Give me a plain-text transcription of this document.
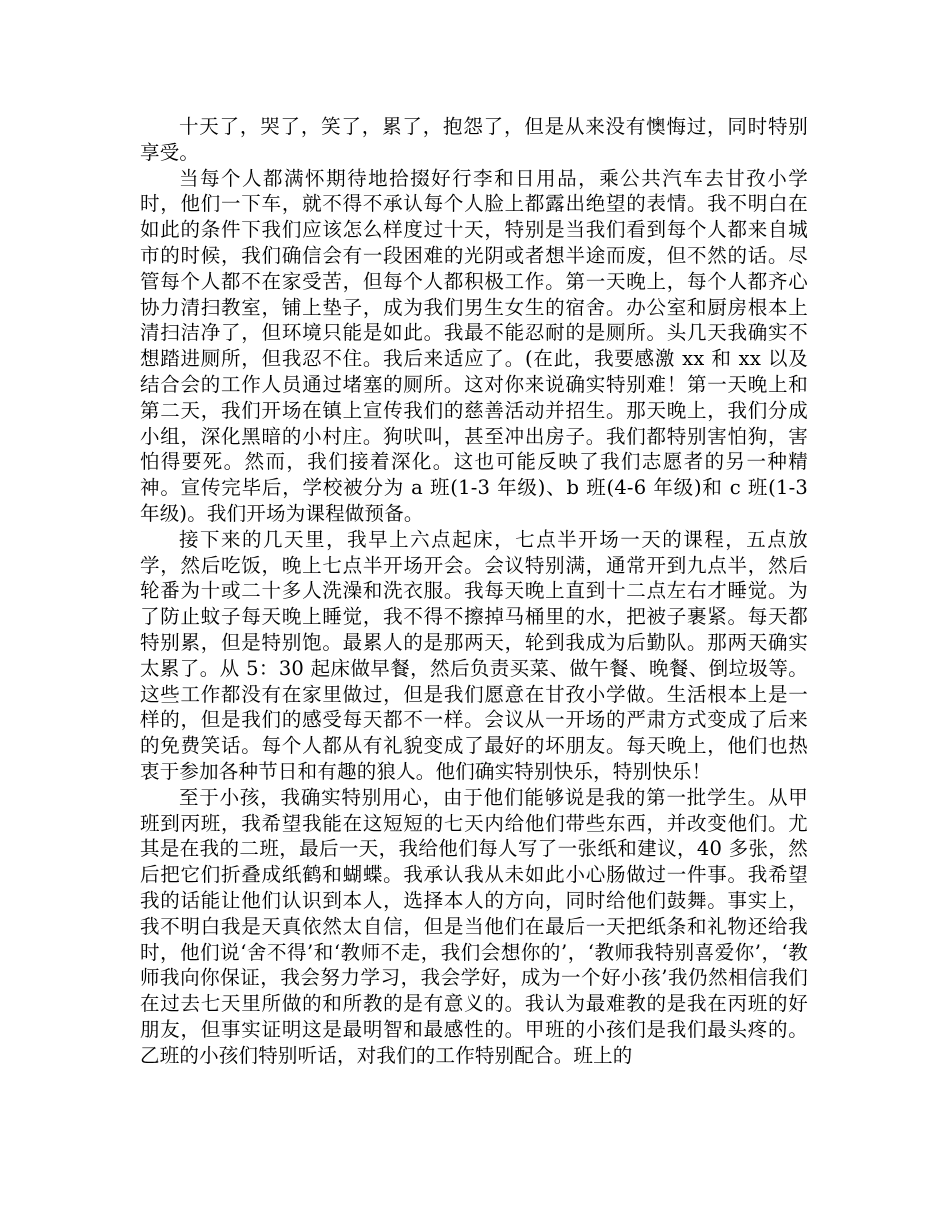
十天了，哭了，笑了，累了，抱怨了，但是从来没有懊悔过，同时特别享受。

当每个人都满怀期待地拾掇好行李和日用品，乘公共汽车去甘孜小学时，他们一下车，就不得不承认每个人脸上都露出绝望的表情。我不明白在如此的条件下我们应该怎么样度过十天，特别是当我们看到每个人都来自城市的时候，我们确信会有一段困难的光阴或者想半途而废，但不然的话。尽管每个人都不在家受苦，但每个人都积极工作。第一天晚上，每个人都齐心协力清扫教室，铺上垫子，成为我们男生女生的宿舍。办公室和厨房根本上清扫洁净了，但环境只能是如此。我最不能忍耐的是厕所。头几天我确实不想踏进厕所，但我忍不住。我后来适应了。(在此，我要感激 xx 和 xx 以及结合会的工作人员通过堵塞的厕所。这对你来说确实特别难！第一天晚上和第二天，我们开场在镇上宣传我们的慈善活动并招生。那天晚上，我们分成小组，深化黑暗的小村庄。狗吠叫，甚至冲出房子。我们都特别害怕狗，害怕得要死。然而，我们接着深化。这也可能反映了我们志愿者的另一种精神。宣传完毕后，学校被分为 a 班(1-3 年级)、b 班(4-6 年级)和 c 班(1-3 年级)。我们开场为课程做预备。

接下来的几天里，我早上六点起床，七点半开场一天的课程，五点放学，然后吃饭，晚上七点半开场开会。会议特别满，通常开到九点半，然后轮番为十或二十多人洗澡和洗衣服。我每天晚上直到十二点左右才睡觉。为了防止蚊子每天晚上睡觉，我不得不擦掉马桶里的水，把被子裹紧。每天都特别累，但是特别饱。最累人的是那两天，轮到我成为后勤队。那两天确实太累了。从 5：30 起床做早餐，然后负责买菜、做午餐、晚餐、倒垃圾等。这些工作都没有在家里做过，但是我们愿意在甘孜小学做。生活根本上是一样的，但是我们的感受每天都不一样。会议从一开场的严肃方式变成了后来的免费笑话。每个人都从有礼貌变成了最好的坏朋友。每天晚上，他们也热衷于参加各种节日和有趣的狼人。他们确实特别快乐，特别快乐！

至于小孩，我确实特别用心，由于他们能够说是我的第一批学生。从甲班到丙班，我希望我能在这短短的七天内给他们带些东西，并改变他们。尤其是在我的二班，最后一天，我给他们每人写了一张纸和建议，40 多张，然后把它们折叠成纸鹤和蝴蝶。我承认我从未如此小心肠做过一件事。我希望我的话能让他们认识到本人，选择本人的方向，同时给他们鼓舞。事实上，我不明白我是天真依然太自信，但是当他们在最后一天把纸条和礼物还给我时，他们说‘舍不得’和‘教师不走，我们会想你的’，‘教师我特别喜爱你’，‘教师我向你保证，我会努力学习，我会学好，成为一个好小孩’我仍然相信我们在过去七天里所做的和所教的是有意义的。我认为最难教的是我在丙班的好朋友，但事实证明这是最明智和最感性的。甲班的小孩们是我们最头疼的。乙班的小孩们特别听话，对我们的工作特别配合。班上的
